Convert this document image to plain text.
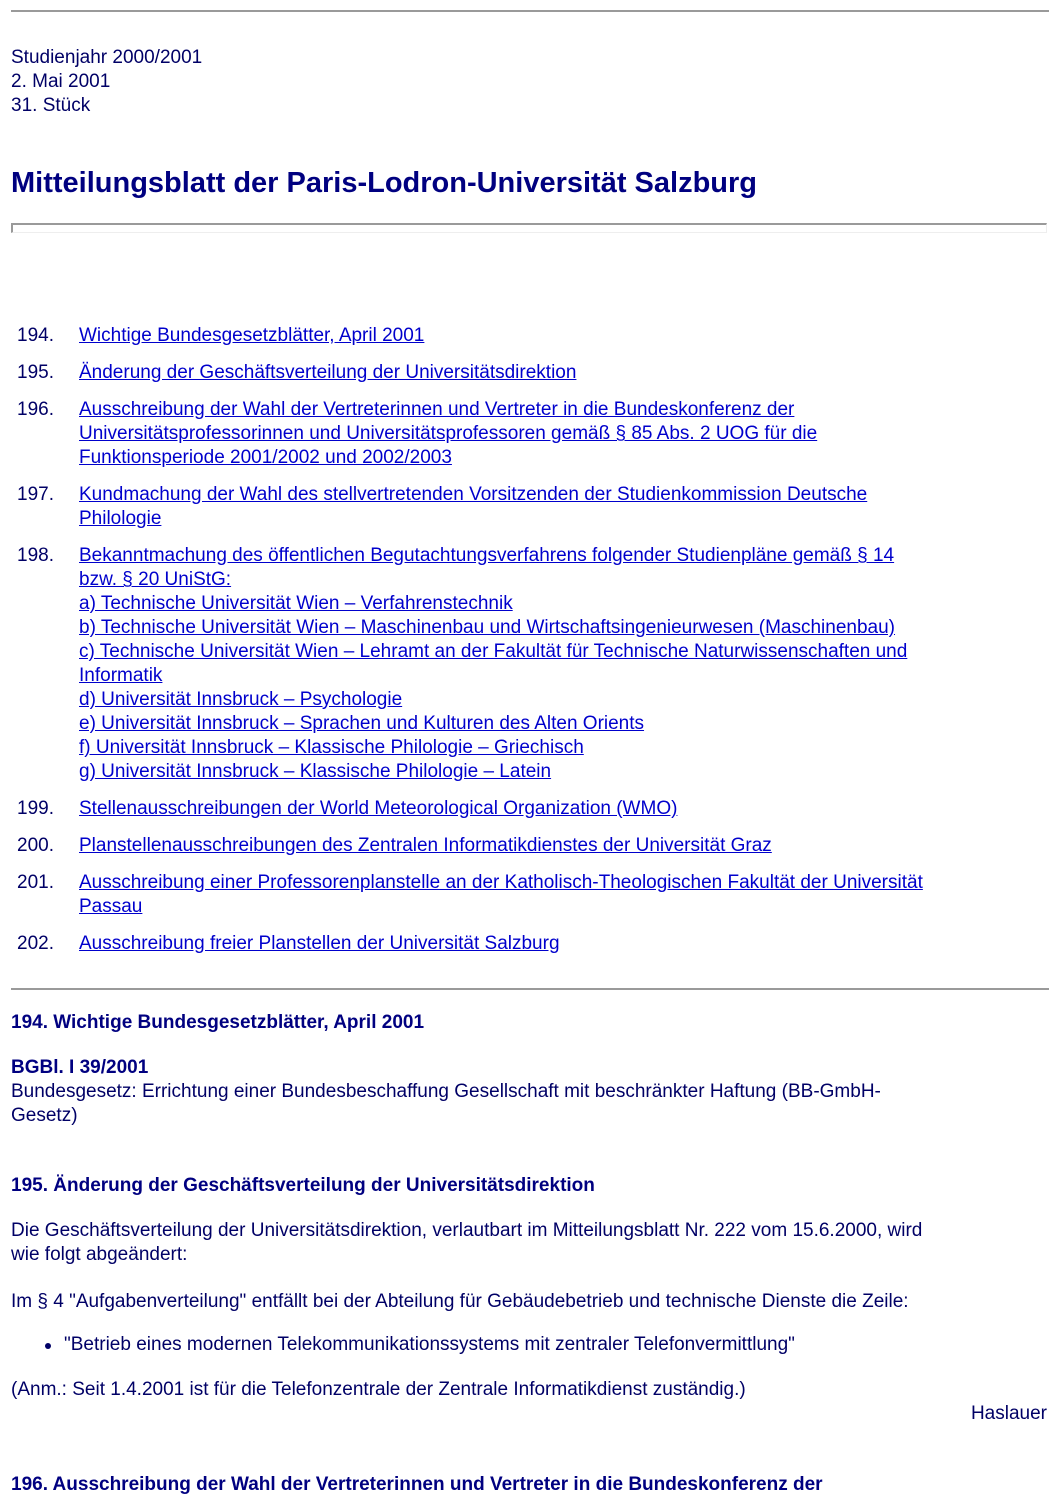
Studienjahr 2000/2001
2. Mai 2001
31. Stück
Mitteilungsblatt der Paris-Lodron-Universität Salzburg
194.	Wichtige Bundesgesetzblätter, April 2001
195.	Änderung der Geschäftsverteilung der Universitätsdirektion
196.	Ausschreibung der Wahl der Vertreterinnen und Vertreter in die Bundeskonferenz der
Universitätsprofessorinnen und Universitätsprofessoren gemäß § 85 Abs. 2 UOG für die
Funktionsperiode 2001/2002 und 2002/2003
197.	Kundmachung der Wahl des stellvertretenden Vorsitzenden der Studienkommission Deutsche
Philologie
198.	Bekanntmachung des öffentlichen Begutachtungsverfahrens folgender Studienpläne gemäß § 14
bzw. § 20 UniStG:
a) Technische Universität Wien – Verfahrenstechnik
b) Technische Universität Wien – Maschinenbau und Wirtschaftsingenieurwesen (Maschinenbau)
c) Technische Universität Wien – Lehramt an der Fakultät für Technische Naturwissenschaften und
Informatik
d) Universität Innsbruck – Psychologie
e) Universität Innsbruck – Sprachen und Kulturen des Alten Orients
f) Universität Innsbruck – Klassische Philologie – Griechisch
g) Universität Innsbruck – Klassische Philologie – Latein
199.	Stellenausschreibungen der World Meteorological Organization (WMO)
200.	Planstellenausschreibungen des Zentralen Informatikdienstes der Universität Graz
201.	Ausschreibung einer Professorenplanstelle an der Katholisch-Theologischen Fakultät der Universität
Passau
202.	Ausschreibung freier Planstellen der Universität Salzburg
194. Wichtige Bundesgesetzblätter, April 2001
BGBl. I 39/2001
Bundesgesetz: Errichtung einer Bundesbeschaffung Gesellschaft mit beschränkter Haftung (BB-GmbH-
Gesetz)
195. Änderung der Geschäftsverteilung der Universitätsdirektion
Die Geschäftsverteilung der Universitätsdirektion, verlautbart im Mitteilungsblatt Nr. 222 vom 15.6.2000, wird
wie folgt abgeändert:

Im § 4 "Aufgabenverteilung" entfällt bei der Abteilung für Gebäudebetrieb und technische Dienste die Zeile:

"Betrieb eines modernen Telekommunikationssystems mit zentraler Telefonvermittlung"

(Anm.: Seit 1.4.2001 ist für die Telefonzentrale der Zentrale Informatikdienst zuständig.)

Haslauer
196. Ausschreibung der Wahl der Vertreterinnen und Vertreter in die Bundeskonferenz der
